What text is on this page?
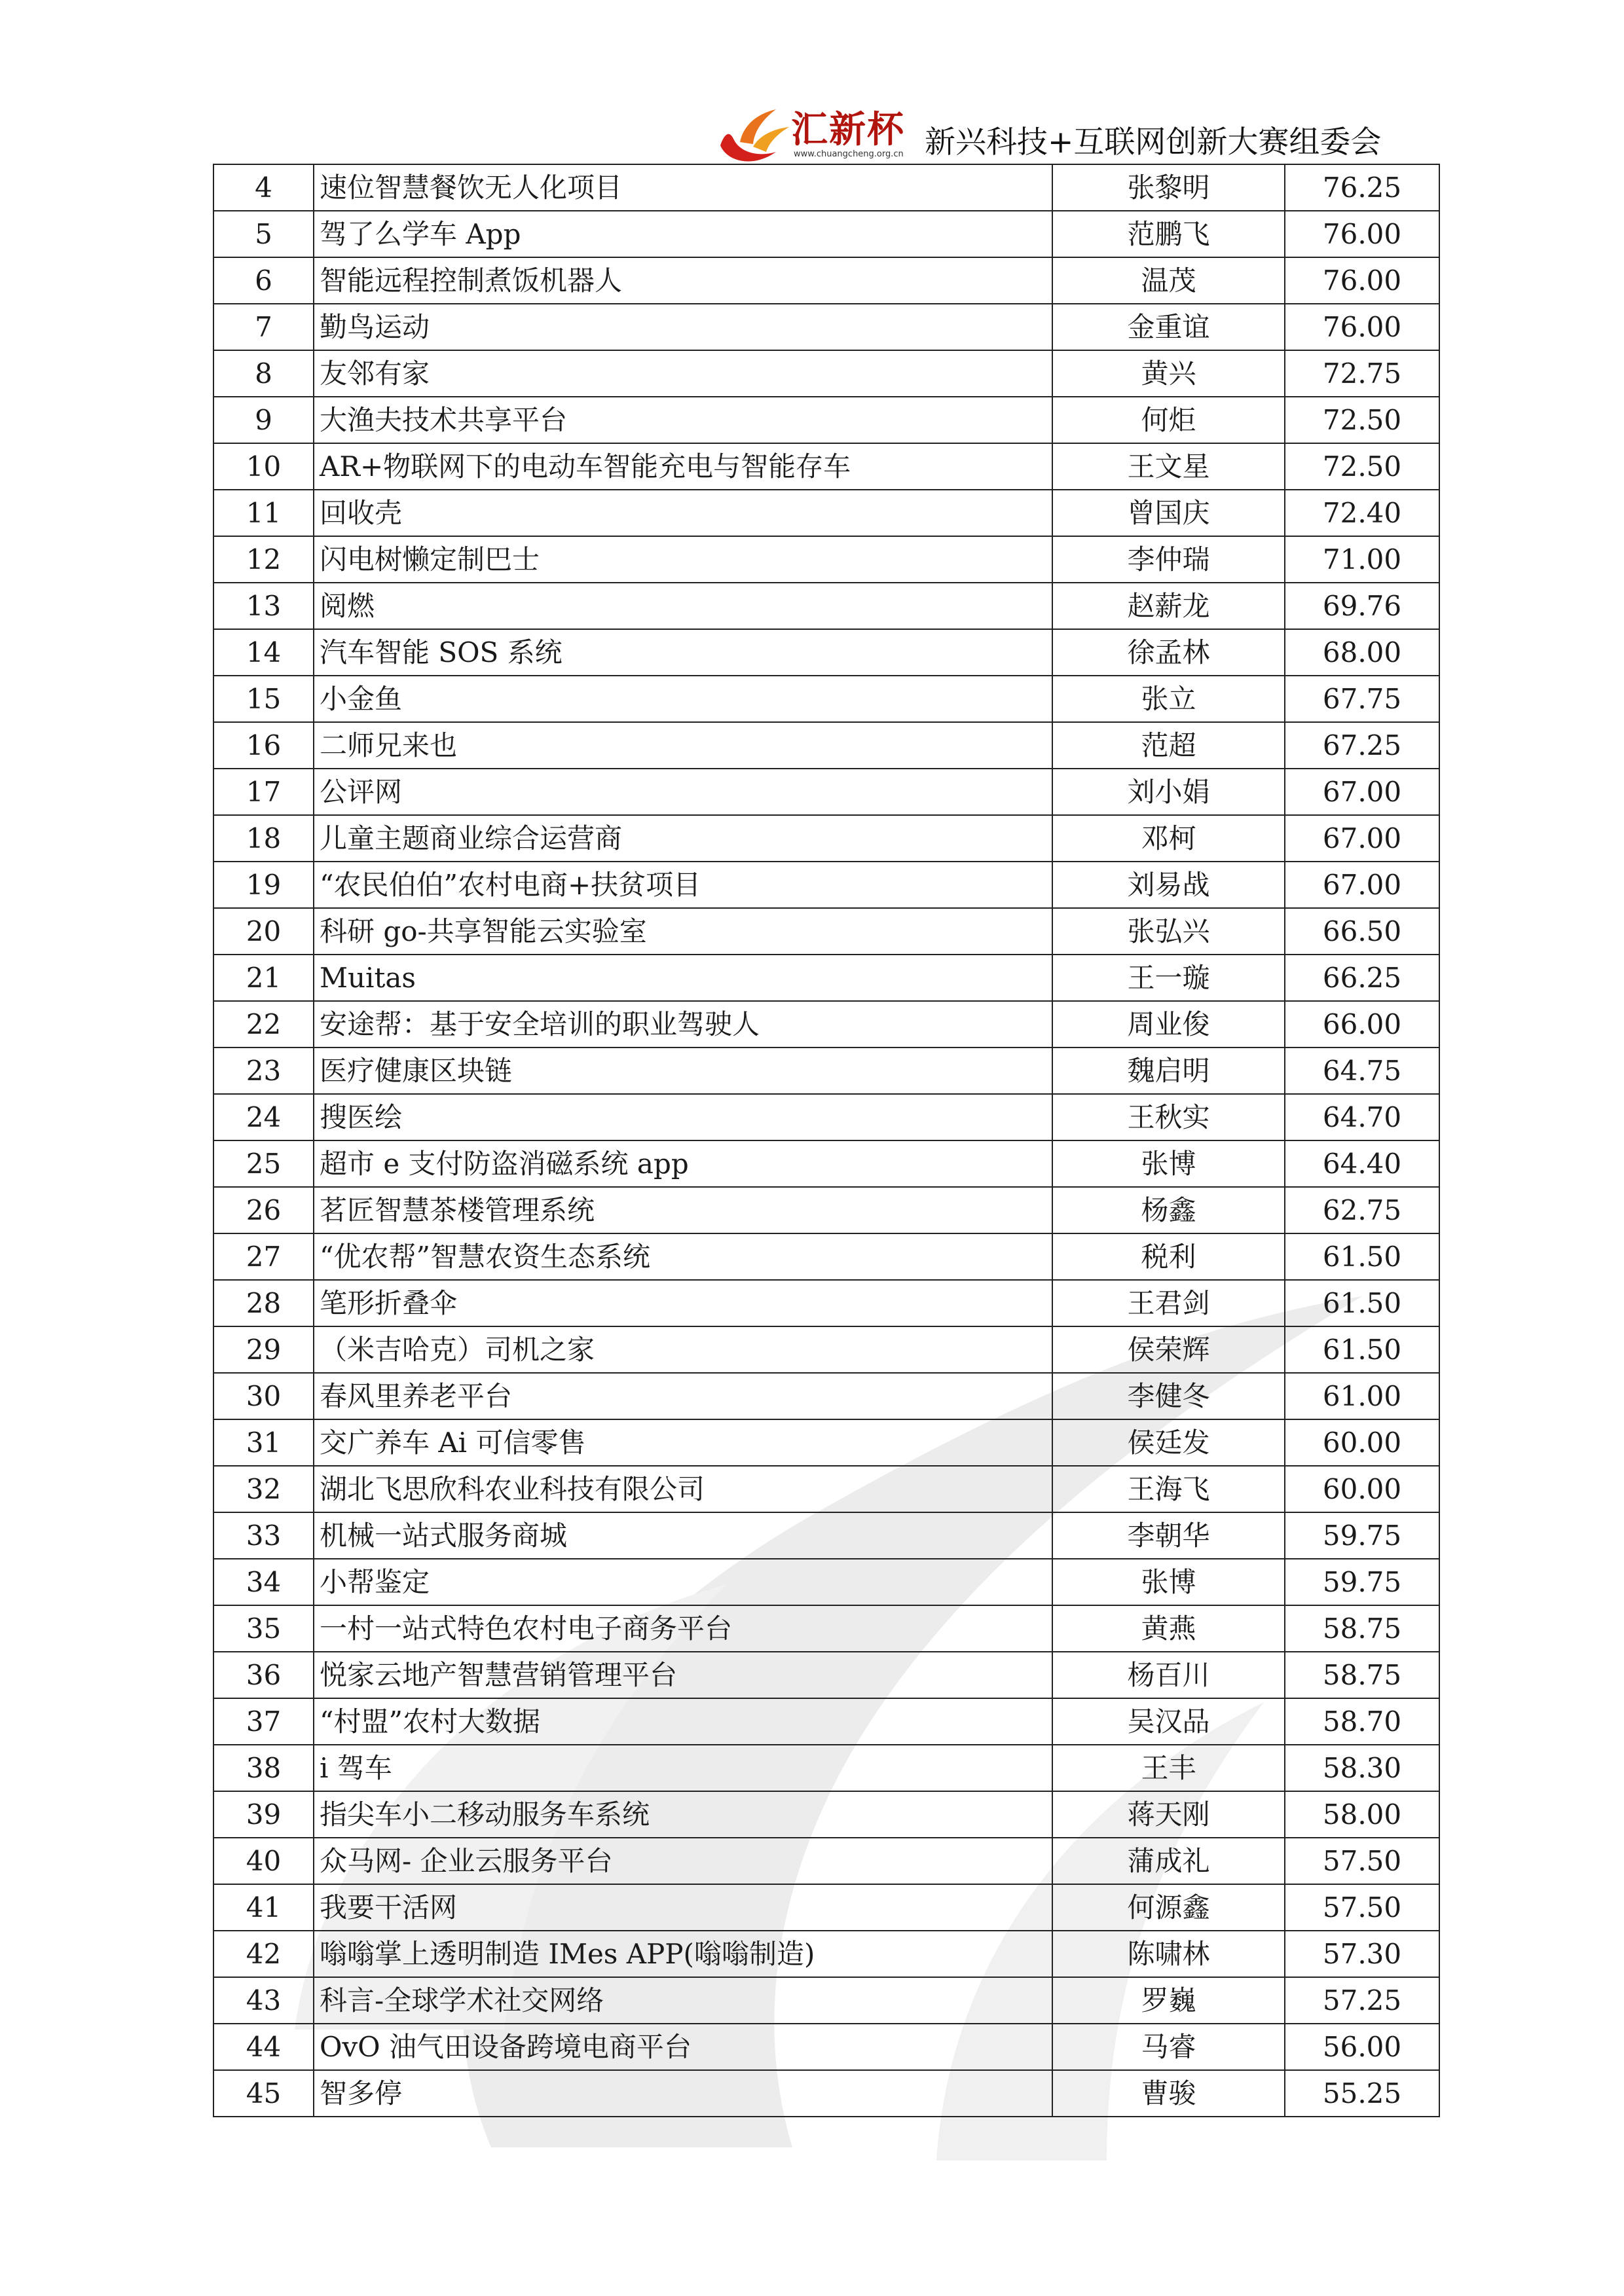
汇新杯
www.chuangcheng.org.cn 新兴科技+互联网创新大赛组委会
4	速位智慧餐饮无人化项目	张黎明	76.25
5	驾了么学车 App	范鹏飞	76.00
6	智能远程控制煮饭机器人	温茂	76.00
7	勤鸟运动	金重谊	76.00
8	友邻有家	黄兴	72.75
9	大渔夫技术共享平台	何炬	72.50
10	AR+物联网下的电动车智能充电与智能存车	王文星	72.50
11	回收壳	曾国庆	72.40
12	闪电树懒定制巴士	李仲瑞	71.00
13	阅燃	赵薪龙	69.76
14	汽车智能 SOS 系统	徐孟林	68.00
15	小金鱼	张立	67.75
16	二师兄来也	范超	67.25
17	公评网	刘小娟	67.00
18	儿童主题商业综合运营商	邓柯	67.00
19	“农民伯伯”农村电商+扶贫项目	刘易战	67.00
20	科研 go-共享智能云实验室	张弘兴	66.50
21	Muitas	王一璇	66.25
22	安途帮：基于安全培训的职业驾驶人	周业俊	66.00
23	医疗健康区块链	魏启明	64.75
24	搜医绘	王秋实	64.70
25	超市 e 支付防盗消磁系统 app	张博	64.40
26	茗匠智慧茶楼管理系统	杨鑫	62.75
27	“优农帮”智慧农资生态系统	税利	61.50
28	笔形折叠伞	王君剑	61.50
29	（米吉哈克）司机之家	侯荣辉	61.50
30	春风里养老平台	李健冬	61.00
31	交广养车 Ai 可信零售	侯廷发	60.00
32	湖北飞思欣科农业科技有限公司	王海飞	60.00
33	机械一站式服务商城	李朝华	59.75
34	小帮鉴定	张博	59.75
35	一村一站式特色农村电子商务平台	黄燕	58.75
36	悦家云地产智慧营销管理平台	杨百川	58.75
37	“村盟”农村大数据	吴汉品	58.70
38	i 驾车	王丰	58.30
39	指尖车小二移动服务车系统	蒋天刚	58.00
40	众马网- 企业云服务平台	蒲成礼	57.50
41	我要干活网	何源鑫	57.50
42	嗡嗡掌上透明制造 IMes APP(嗡嗡制造)	陈啸林	57.30
43	科言-全球学术社交网络	罗巍	57.25
44	OvO 油气田设备跨境电商平台	马睿	56.00
45	智多停	曹骏	55.25
